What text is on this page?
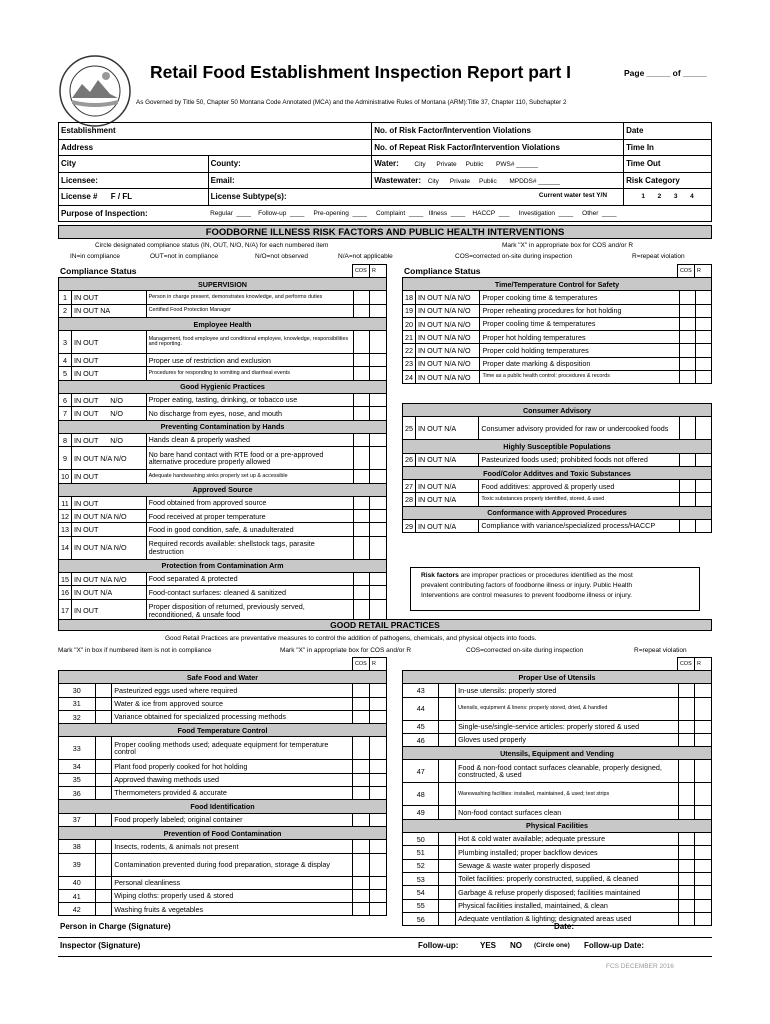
Retail Food Establishment Inspection Report part I	Page _____ of _____
As Governed by Title 50, Chapter 50 Montana Code Annotated (MCA) and the Administrative Rules of Montana (ARM):Title 37, Chapter 110, Subchapter 2
Establishment		No. of Risk Factor/Intervention Violations	Date
Address		No. of Repeat Risk Factor/Intervention Violations	Time In
City	County:	Water: City      Private     Public       PWS# ______	Time Out
Licensee:	Email:	Wastewater: City      Private     Public       MPDDS# ______	Risk Category
License #      F / FL	License Subtype(s): Current water test Y/N		1       2       3       4
Purpose of Inspection:	Regular  ____    Follow-up  ____     Pre-opening  ____     Complaint  ____   Illness  ____    HACCP  ___     Investigation  ____     Other  ____		
FOODBORNE ILLNESS RISK FACTORS AND PUBLIC HEALTH INTERVENTIONS
Circle designated compliance status (IN, OUT, N/O, N/A) for each numbered item	Mark "X" in appropriate box for COS and/or R
IN=in compliance	OUT=not in compliance	N/O=not observed	N/A=not applicable	COS=corrected on-site during inspection	R=repeat violation
Compliance Status	COS	R	Compliance Status	COS	R
SUPERVISION				
1	IN OUT	Person in charge present, demonstrates knowledge, and performs duties		
2	IN OUT NA	Certified Food Protection Manager		
Employee Health				
3	IN OUT	Management, food employee and conditional employee, knowledge, responsibilities and reporting.		
4	IN OUT	Proper use of restriction and exclusion		
5	IN OUT	Procedures for responding to vomiting and diarrheal events		
Good Hygienic Practices				
6	IN OUT      N/O	Proper eating, tasting, drinking, or tobacco use		
7	IN OUT      N/O	No discharge from eyes, nose, and mouth		
Preventing Contamination by Hands				
8	IN OUT      N/O	Hands clean & properly washed		
9	IN OUT N/A N/O	No bare hand contact with RTE food or a pre-approved alternative procedure properly allowed		
10	IN OUT	Adequate handwashing sinks properly set up & accessible		
Approved Source				
11	IN OUT	Food obtained from approved source		
12	IN OUT N/A N/O	Food received at proper temperature		
13	IN OUT	Food in good condition, safe, & unadulterated		
14	IN OUT N/A N/O	Required records available: shellstock tags, parasite destruction		
Protection from Contamination Arm				
15	IN OUT N/A N/O	Food separated & protected		
16	IN OUT N/A	Food-contact surfaces: cleaned & sanitized		
17	IN OUT	Proper disposition of returned, previously served, reconditioned, & unsafe food		
Time/Temperature Control for Safety				
18	IN OUT N/A N/O	Proper cooking time & temperatures		
19	IN OUT N/A N/O	Proper reheating procedures for hot holding		
20	IN OUT N/A N/O	Proper cooling time & temperatures		
21	IN OUT N/A N/O	Proper hot holding temperatures		
22	IN OUT N/A N/O	Proper cold holding temperatures		
23	IN OUT N/A N/O	Proper date marking & disposition		
24	IN OUT N/A N/O	Time as a public health control: procedures & records		
Consumer Advisory				
25	IN OUT N/A	Consumer advisory provided for raw or undercooked foods		
Highly Susceptible Populations				
26	IN OUT N/A	Pasteurized foods used; prohibited foods not offered		
Food/Color Additves and Toxic Substances				
27	IN OUT N/A	Food additives: approved & properly used		
28	IN OUT N/A	Toxic substances properly identified, stored, & used		
Conformance with Approved Procedures				
29	IN OUT N/A	Compliance with variance/specialized process/HACCP		
Risk factors are improper practices or procedures identified as the most
prevalent contributing factors of foodborne illness or injury. Public Health
Interventions are control measures to prevent foodborne illness or injury.
GOOD RETAIL PRACTICES
Good Retail Practices are preventative measures to control the addition of pathogens, chemicals, and physical objects into foods.
Mark "X" in box if numbered item is not in compliance	Mark "X" in appropriate box for COS and/or R	COS=corrected on-site during inspection	R=repeat violation
	COS	R
		COS	R
Safe Food and Water				
30		Pasteurized eggs used where required		
31		Water & ice from approved source		
32		Variance obtained for specialized processing methods		
Food Temperature Control				
33		Proper cooling methods used; adequate equipment for temperature control		
34		Plant food properly cooked for hot holding		
35		Approved thawing methods used		
36		Thermometers provided & accurate		
Food Identification				
37		Food properly labeled; original container		
Prevention of Food Contamination				
38		Insects, rodents, & animals not present		
39		Contamination prevented during food preparation, storage & display		
40		Personal cleanliness		
41		Wiping cloths: properly used & stored		
42		Washing fruits & vegetables		
Proper Use of Utensils				
43		In-use utensils: properly stored		
44		Utensils, equipment & linens: properly stored, dried, & handled		
45		Single-use/single-service articles: properly stored & used		
46		Gloves used properly		
Utensils, Equipment and Vending				
47		Food & non-food contact surfaces cleanable, properly designed, constructed, & used		
48		Warewashing facilities: installed, maintained, & used; test strips		
49		Non-food contact surfaces clean		
Physical Facilities				
50		Hot & cold water available; adequate pressure		
51		Plumbing installed; proper backflow devices		
52		Sewage & waste water properly disposed		
53		Toilet facilities: properly constructed, supplied, & cleaned		
54		Garbage & refuse properly disposed; facilities maintained		
55		Physical facilities installed, maintained, & clean		
56		Adequate ventilation & lighting; designated areas used		
Person in Charge (Signature)	Date:
Inspector (Signature)	Follow-up:	YES NO (Circle one) Follow-up Date:
FCS DECEMBER 2016
